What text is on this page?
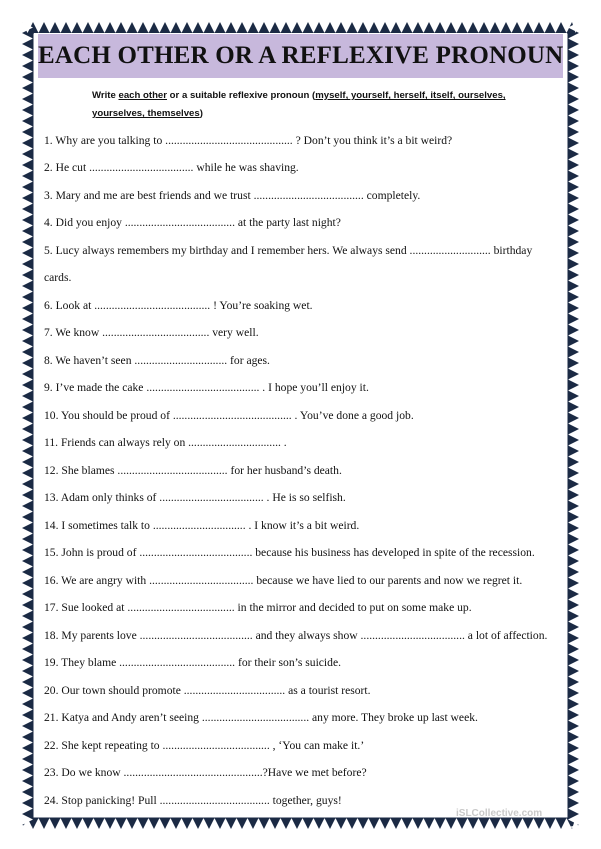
EACH OTHER OR A REFLEXIVE PRONOUN
Write each other or a suitable reflexive pronoun (myself, yourself, herself, itself, ourselves,
yourselves, themselves)
1. Why are you talking to ............................................ ? Don’t you think it’s a bit weird?
2. He cut .................................... while he was shaving.
3. Mary and me are best friends and we trust ...................................... completely.
4. Did you enjoy ...................................... at the party last night?
5. Lucy always remembers my birthday and I remember hers. We always send ............................ birthday
cards.
6. Look at ........................................ ! You’re soaking wet.
7. We know ..................................... very well.
8. We haven’t seen ................................ for ages.
9. I’ve made the cake ....................................... . I hope you’ll enjoy it.
10. You should be proud of ......................................... . You’ve done a good job.
11. Friends can always rely on ................................ .
12. She blames ...................................... for her husband’s death.
13. Adam only thinks of .................................... . He is so selfish.
14. I sometimes talk to ................................ . I know it’s a bit weird.
15. John is proud of ....................................... because his business has developed in spite of the recession.
16. We are angry with .................................... because we have lied to our parents and now we regret it.
17. Sue looked at ..................................... in the mirror and decided to put on some make up.
18. My parents love ....................................... and they always show .................................... a lot of affection.
19. They blame ........................................ for their son’s suicide.
20. Our town should promote ................................... as a tourist resort.
21. Katya and Andy aren’t seeing ..................................... any more. They broke up last week.
22. She kept repeating to ..................................... , ‘You can make it.’
23. Do we know ................................................?Have we met before?
24. Stop panicking! Pull ...................................... together, guys!
iSLCollective.com
